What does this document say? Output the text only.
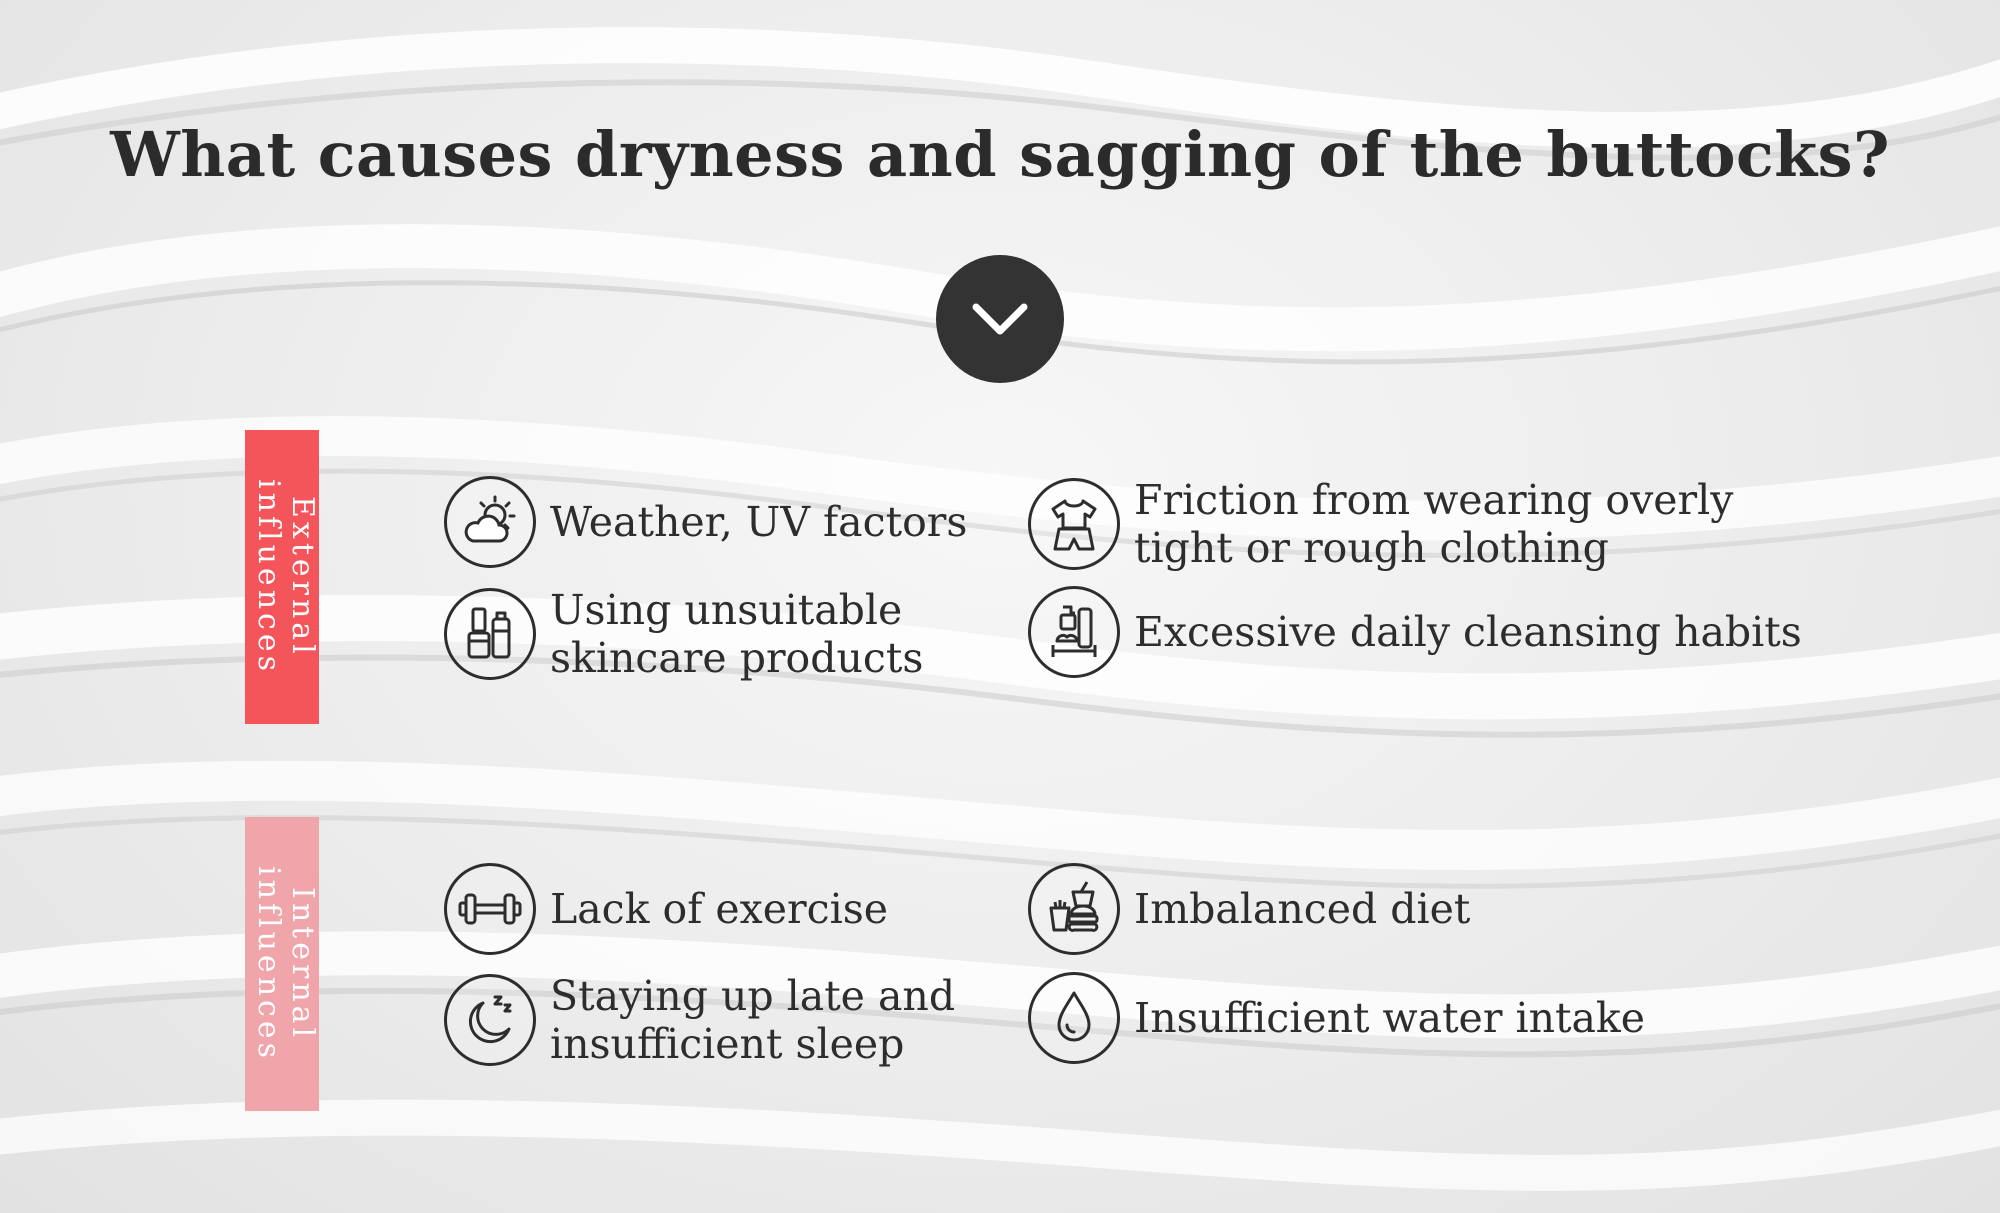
What causes dryness and sagging of the buttocks?
External influences	Weather, UV factors	Friction from wearing overly tight or rough clothing
Using unsuitable skincare products
Excessive daily cleansing habits
Internal influences	Lack of exercise	Imbalanced diet
Staying up late and insufficient sleep
Insufficient water intake
